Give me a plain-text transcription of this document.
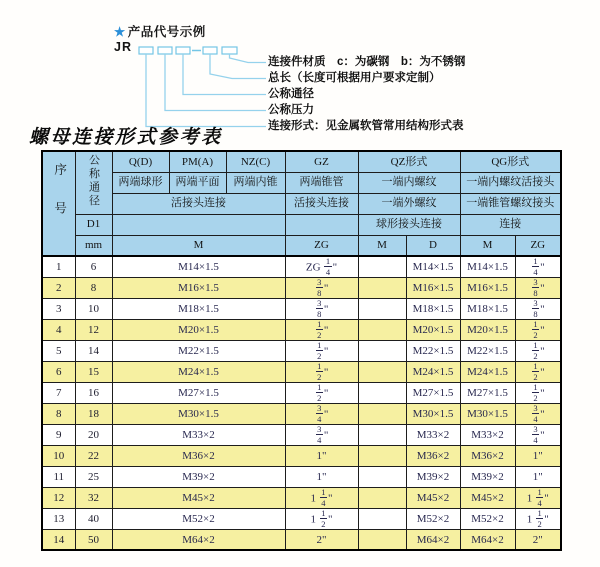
★ 产品代号示例
JR
连接件材质　c：为碳钢　b：为不锈钢
总长（长度可根据用户要求定制）
公称通径
公称压力
连接形式：见金属软管常用结构形式表
螺母连接形式参考表
序号	公称通径	Q(D)	PM(A)	NZ(C)	GZ	QZ形式		QG形式	
		两端球形	两端平面	两端内锥	两端锥管	一端内螺纹		一端内螺纹活接头	
		活接头连接			活接头连接	一端外螺纹		一端锥管螺纹接头	
	D1					球形接头连接		连接	
	mm	M			ZG	M	D	M	ZG
1	6	M14×1.5			ZG $\frac{1}{4}$ "		M14×1.5	M14×1.5	$\frac{1}{4}$ "
2	8	M16×1.5			$\frac{3}{8}$ "		M16×1.5	M16×1.5	$\frac{3}{8}$ "
3	10	M18×1.5			$\frac{3}{8}$ "		M18×1.5	M18×1.5	$\frac{3}{8}$ "
4	12	M20×1.5			$\frac{1}{2}$ "		M20×1.5	M20×1.5	$\frac{1}{2}$ "
5	14	M22×1.5			$\frac{1}{2}$ "		M22×1.5	M22×1.5	$\frac{1}{2}$ "
6	15	M24×1.5			$\frac{1}{2}$ "		M24×1.5	M24×1.5	$\frac{1}{2}$ "
7	16	M27×1.5			$\frac{1}{2}$ "		M27×1.5	M27×1.5	$\frac{1}{2}$ "
8	18	M30×1.5			$\frac{3}{4}$ "		M30×1.5	M30×1.5	$\frac{3}{4}$ "
9	20	M33×2			$\frac{3}{4}$ "		M33×2	M33×2	$\frac{3}{4}$ "
10	22	M36×2			1"		M36×2	M36×2	1"
11	25	M39×2			1"		M39×2	M39×2	1"
12	32	M45×2			$1 \frac{1}{4}$ "		M45×2	M45×2	$1 \frac{1}{4}$ "
13	40	M52×2			$1 \frac{1}{2}$ "		M52×2	M52×2	$1 \frac{1}{2}$ "
14	50	M64×2			2"		M64×2	M64×2	2"
